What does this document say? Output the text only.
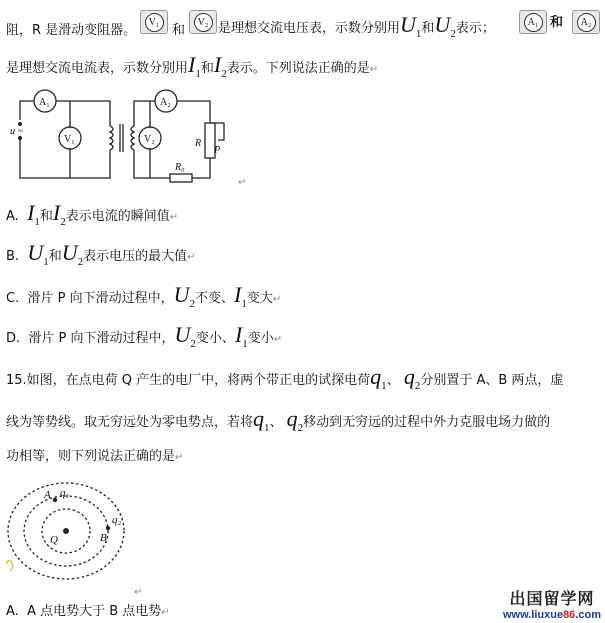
阻，R 是滑动变阻器。
V₁
和
V₂ 是理想交流电压表，示数分别用$U_1$和$U_2$表示；	A₁ 和	A₂
是理想交流电流表，示数分别用$I_1$和$I_2$表示。下列说法正确的是↵
A₁
V₁
A₂
V₂	R
P
R₀
u ~
↵
A. $I_1$和$I_2$表示电流的瞬间值↵
B. $U_1$和$U_2$表示电压的最大值↵
C. 滑片 P 向下滑动过程中，$U_2$不变、$I_1$变大↵
D. 滑片 P 向下滑动过程中，$U_2$变小、$I_1$变小↵
15.如图，在点电荷 Q 产生的电厂中，将两个带正电的试探电荷$q_1$、 $q_2$分别置于 A、B 两点，虚
线为等势线。取无穷远处为零电势点，若将$q_1$、 $q_2$移动到无穷远的过程中外力克服电场力做的
功相等，则下列说法正确的是↵
A q₁
q₂
B
Q
↵
A. A 点电势大于 B 点电势↵
出国留学网
www.liuxue86.com
